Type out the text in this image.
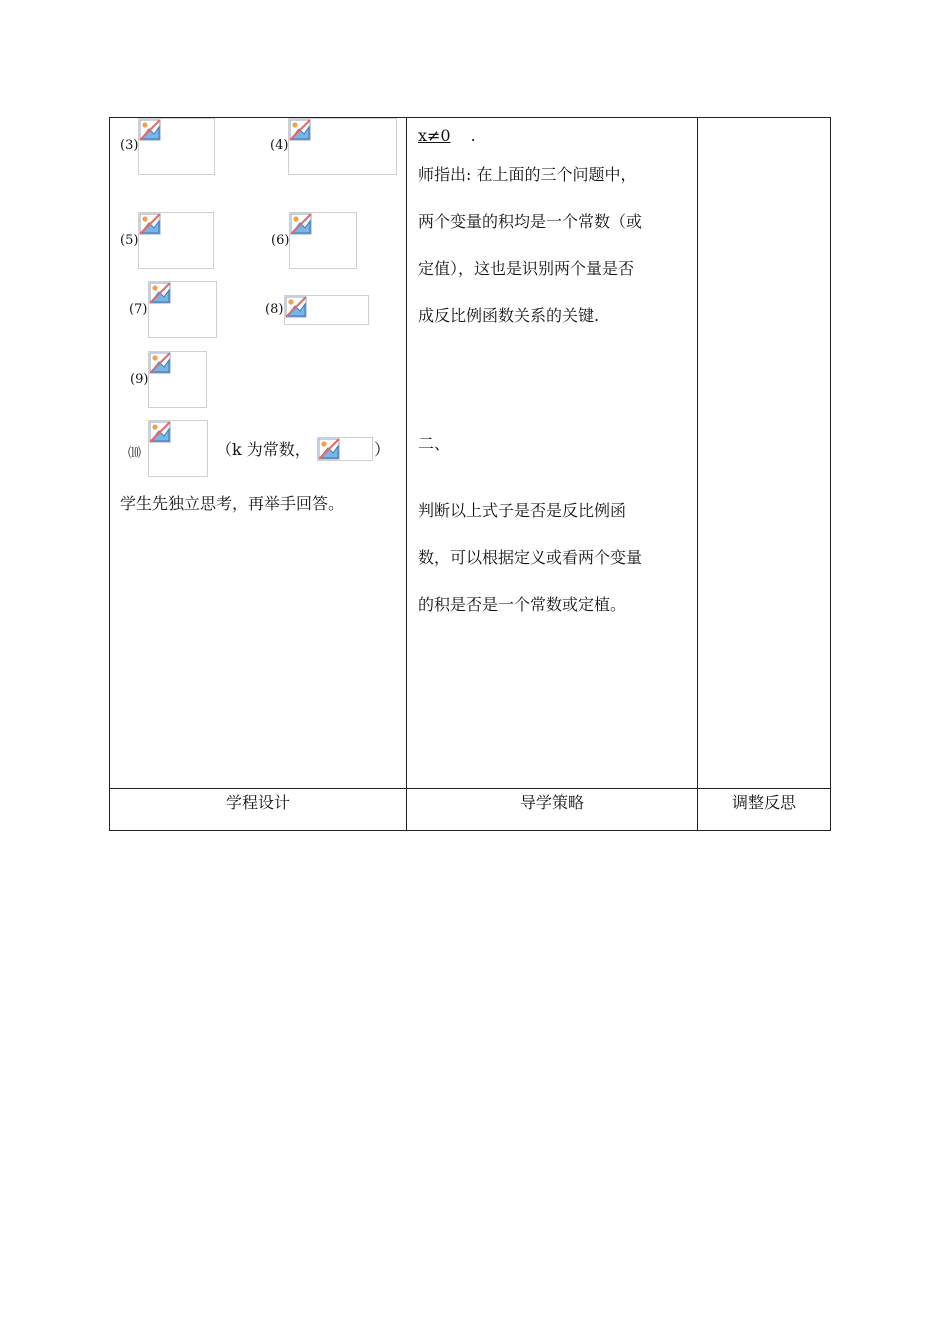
(3)	(4)
(5)	(6)
(7)	(8)
(9)
⑽	（k 为常数，	）
学生先独立思考，再举手回答。
x≠0 .
师指出: 在上面的三个问题中，
两个变量的积均是一个常数（或
定值），这也是识别两个量是否
成反比例函数关系的关键.
二、
判断以上式子是否是反比例函
数，可以根据定义或看两个变量
的积是否是一个常数或定植。
学程设计	导学策略	调整反思
